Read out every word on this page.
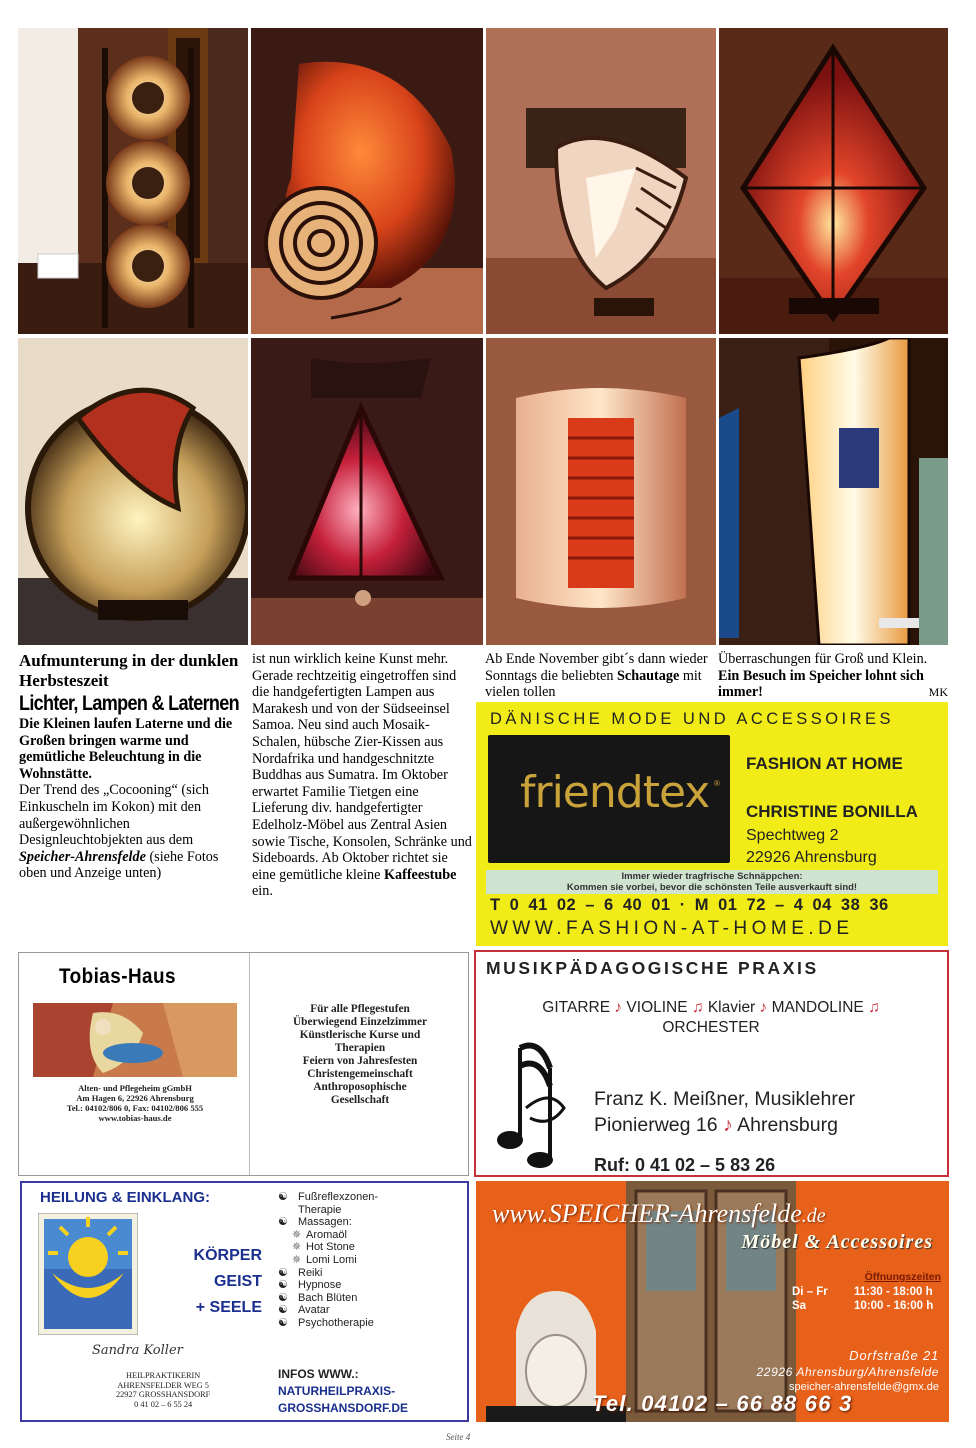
Aufmunterung in der dunklen Herbsteszeit
Lichter, Lampen & Laternen

Die Kleinen laufen Laterne und die Großen bringen warme und gemütliche Beleuchtung in die Wohnstätte.

Der Trend des „Cocooning“ (sich Einkuscheln im Kokon) mit den außergewöhnlichen Designleuchtobjekten aus dem Speicher-Ahrensfelde (siehe Fotos oben und Anzeige unten)

ist nun wirklich keine Kunst mehr. Gerade rechtzeitig eingetroffen sind die handgefertigten Lampen aus Marakesh und von der Südseeinsel Samoa. Neu sind auch Mosaik-Schalen, hübsche Zier-Kissen aus Nordafrika und handgeschnitzte Buddhas aus Sumatra. Im Oktober erwartet Familie Tietgen eine Lieferung div. handgefertigter Edelholz-Möbel aus Zentral Asien sowie Tische, Konsolen, Schränke und Sideboards. Ab Oktober richtet sie eine gemütliche kleine Kaffeestube ein.

Ab Ende November gibt´s dann wieder Sonntags die beliebten Schautage mit vielen tollen

Überraschungen für Groß und Klein. Ein Besuch im Speicher lohnt sich immer!	MK
DÄNISCHE MODE UND ACCESSOIRES
friendtex ®
FASHION AT HOME
CHRISTINE BONILLA
Spechtweg 2
22926 Ahrensburg
Immer wieder tragfrische Schnäppchen:
Kommen sie vorbei, bevor die schönsten Teile ausverkauft sind!
T 0 41 02 – 6 40 01 · M 01 72 – 4 04 38 36
WWW.FASHION-AT-HOME.DE
Tobias-Haus
Alten- und Pflegeheim gGmbH
Am Hagen 6, 22926 Ahrensburg
Tel.: 04102/806 0, Fax: 04102/806 555
www.tobias-haus.de
Für alle Pflegestufen
Überwiegend Einzelzimmer
Künstlerische Kurse und
Therapien
Feiern von Jahresfesten
Christengemeinschaft
Anthroposophische
Gesellschaft
MUSIKPÄDAGOGISCHE PRAXIS
GITARRE ♪ VIOLINE ♫ Klavier ♪ MANDOLINE ♫
ORCHESTER
Franz K. Meißner, Musiklehrer
Pionierweg 16 ♪ Ahrensburg
Ruf: 0 41 02 – 5 83 26
HEILUNG & EINKLANG:
KÖRPER
GEIST
+ SEELE
Sandra Koller
HEILPRAKTIKERIN
AHRENSFELDER WEG 5
22927 GROSSHANSDORF
0 41 02 – 6 55 24
☯ Fußreflexzonen-
Therapie
☯ Massagen:
✵ Aromaöl
✵ Hot Stone
✵ Lomi Lomi
☯ Reiki
☯ Hypnose
☯ Bach Blüten
☯ Avatar
☯ Psychotherapie
INFOS WWW.:
NATURHEILPRAXIS-
GROSSHANSDORF.DE
www.SPEICHER-Ahrensfelde.de
Möbel & Accessoires
Öffnungszeiten
Di – Fr 11:30 - 18:00 h
Sa	10:00 - 16:00 h
Dorfstraße 21
22926 Ahrensburg/Ahrensfelde
speicher-ahrensfelde@gmx.de
Tel. 04102 – 66 88 66 3
Seite 4
